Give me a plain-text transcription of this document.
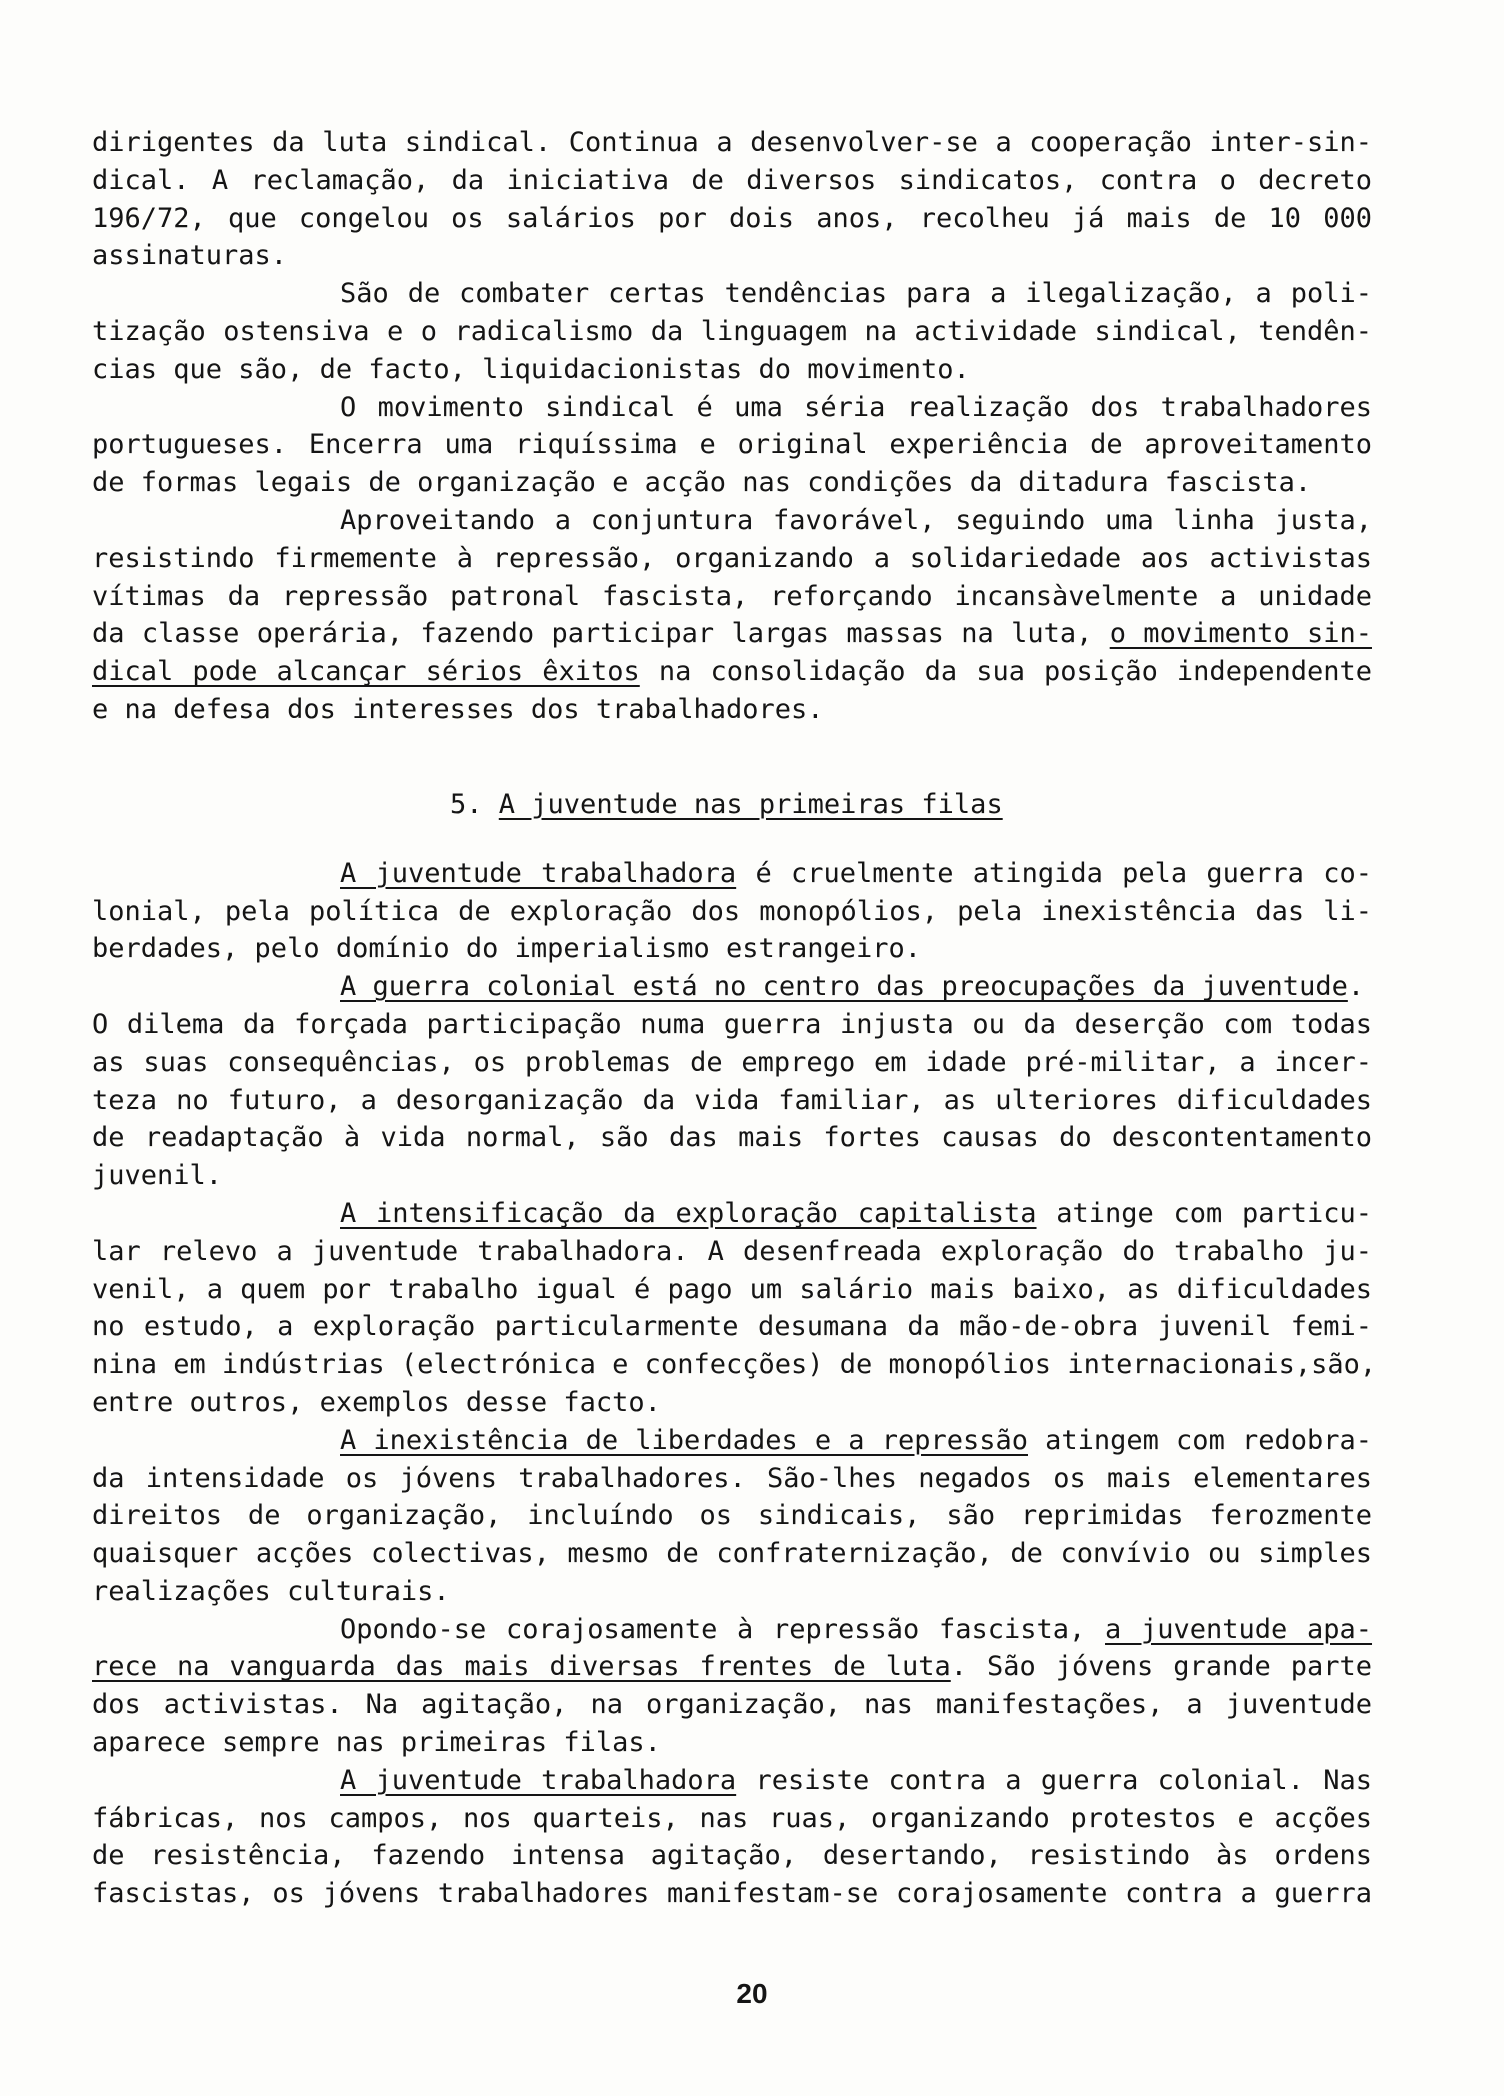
dirigentes da luta sindical. Continua a desenvolver-se a cooperação inter-sin-
dical. A reclamação, da iniciativa de diversos sindicatos, contra o decreto
196/72, que congelou os salários por dois anos, recolheu já mais de 10 000
assinaturas.
São de combater certas tendências para a ilegalização, a poli-
tização ostensiva e o radicalismo da linguagem na actividade sindical, tendên-
cias que são, de facto, liquidacionistas do movimento.
O movimento sindical é uma séria realização dos trabalhadores
portugueses. Encerra uma riquíssima e original experiência de aproveitamento
de formas legais de organização e acção nas condições da ditadura fascista.
Aproveitando a conjuntura favorável, seguindo uma linha justa,
resistindo firmemente à repressão, organizando a solidariedade aos activistas
vítimas da repressão patronal fascista, reforçando incansàvelmente a unidade
da classe operária, fazendo participar largas massas na luta, o movimento sin-
dical pode alcançar sérios êxitos na consolidação da sua posição independente
e na defesa dos interesses dos trabalhadores.
5. A juventude nas primeiras filas
A juventude trabalhadora é cruelmente atingida pela guerra co-
lonial, pela política de exploração dos monopólios, pela inexistência das li-
berdades, pelo domínio do imperialismo estrangeiro.
A guerra colonial está no centro das preocupações da juventude.
O dilema da forçada participação numa guerra injusta ou da deserção com todas
as suas consequências, os problemas de emprego em idade pré-militar, a incer-
teza no futuro, a desorganização da vida familiar, as ulteriores dificuldades
de readaptação à vida normal, são das mais fortes causas do descontentamento
juvenil.
A intensificação da exploração capitalista atinge com particu-
lar relevo a juventude trabalhadora. A desenfreada exploração do trabalho ju-
venil, a quem por trabalho igual é pago um salário mais baixo, as dificuldades
no estudo, a exploração particularmente desumana da mão-de-obra juvenil femi-
nina em indústrias (electrónica e confecções) de monopólios internacionais,são,
entre outros, exemplos desse facto.
A inexistência de liberdades e a repressão atingem com redobra-
da intensidade os jóvens trabalhadores. São-lhes negados os mais elementares
direitos de organização, incluíndo os sindicais, são reprimidas ferozmente
quaisquer acções colectivas, mesmo de confraternização, de convívio ou simples
realizações culturais.
Opondo-se corajosamente à repressão fascista, a juventude apa-
rece na vanguarda das mais diversas frentes de luta. São jóvens grande parte
dos activistas. Na agitação, na organização, nas manifestações, a juventude
aparece sempre nas primeiras filas.
A juventude trabalhadora resiste contra a guerra colonial. Nas
fábricas, nos campos, nos quarteis, nas ruas, organizando protestos e acções
de resistência, fazendo intensa agitação, desertando, resistindo às ordens
fascistas, os jóvens trabalhadores manifestam-se corajosamente contra a guerra
20
